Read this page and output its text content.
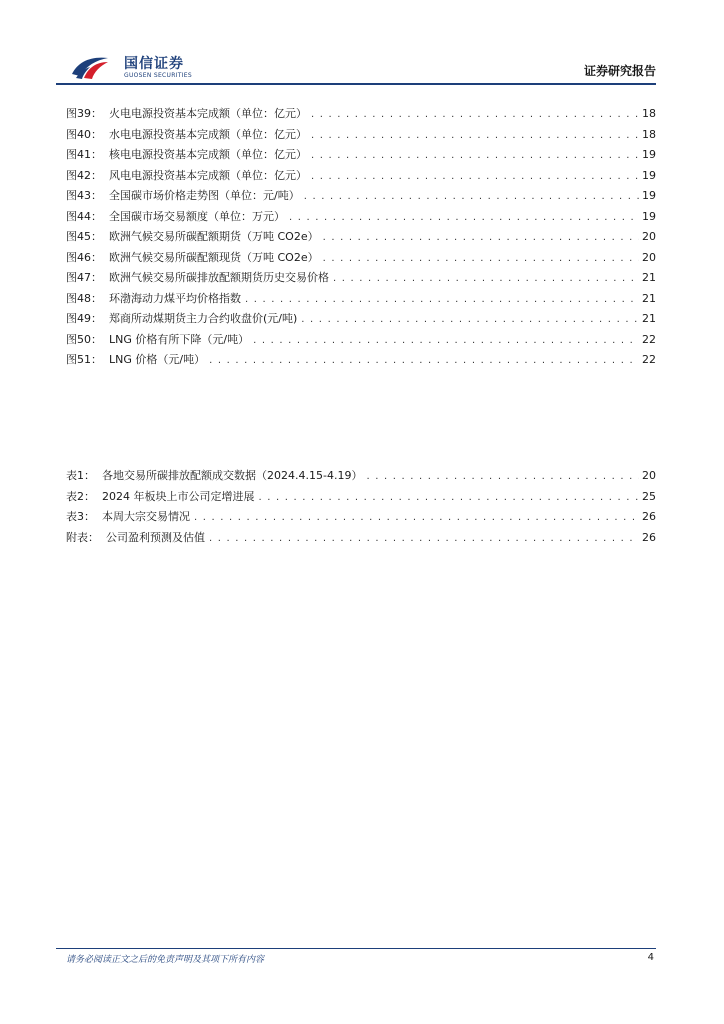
国信证券
GUOSEN SECURITIES	证券研究报告
图39： 火电电源投资基本完成额（单位：亿元） . . .	18
图40： 水电电源投资基本完成额（单位：亿元） . . .	18
图41： 核电电源投资基本完成额（单位：亿元） . . .	19
图42： 风电电源投资基本完成额（单位：亿元） . . .	19
图43： 全国碳市场价格走势图（单位：元/吨） . . .	19
图44： 全国碳市场交易额度（单位：万元） . . .	19
图45： 欧洲气候交易所碳配额期货（万吨 CO2e） . . .	20
图46： 欧洲气候交易所碳配额现货（万吨 CO2e） . . .	20
图47： 欧洲气候交易所碳排放配额期货历史交易价格 . . .	21
图48： 环渤海动力煤平均价格指数 . . .	21
图49： 郑商所动煤期货主力合约收盘价(元/吨) . . .	21
图50： LNG 价格有所下降（元/吨） . . .	22
图51： LNG 价格（元/吨） . . .	22
表1： 各地交易所碳排放配额成交数据（2024.4.15-4.19） . . .	20
表2： 2024 年板块上市公司定增进展 . . .	25
表3： 本周大宗交易情况 . . .	26
附表： 公司盈利预测及估值 . . .	26
请务必阅读正文之后的免责声明及其项下所有内容	4
